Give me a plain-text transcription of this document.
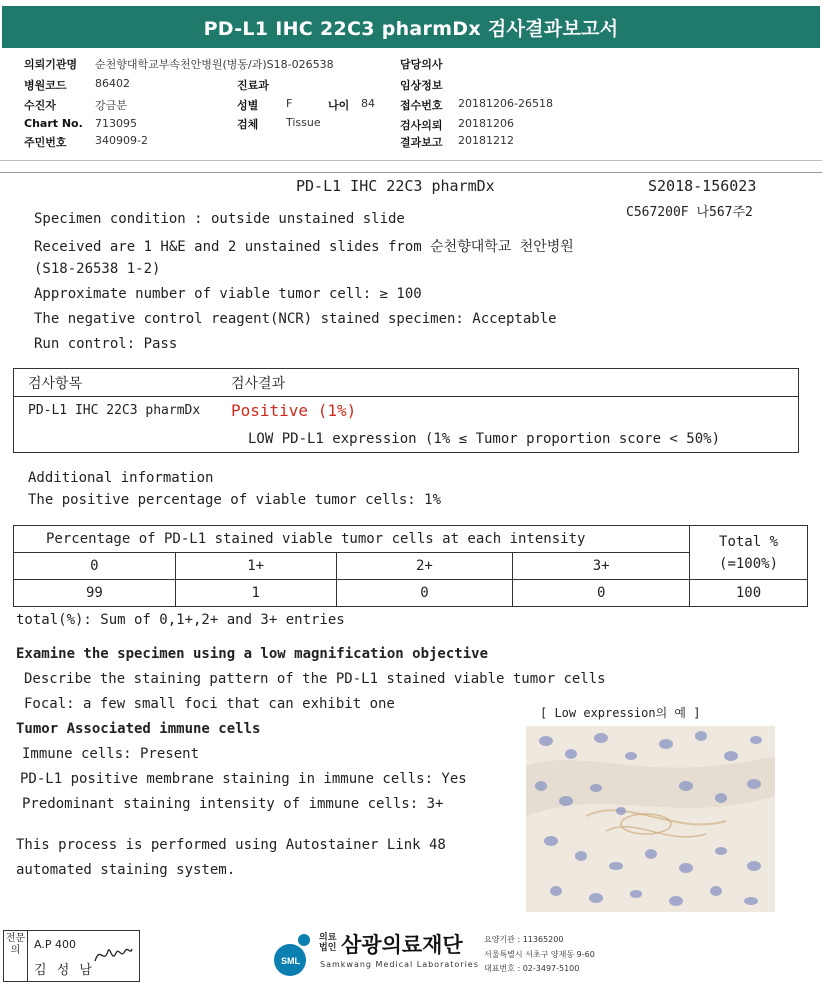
PD-L1 IHC 22C3 pharmDx 검사결과보고서
의뢰기관명 순천향대학교부속천안병원(병동/과)S18-026538	담당의사
병원코드	86402	진료과	임상정보
수진자	강금분	성별	F	나이 84 접수번호 20181206-26518
Chart No. 713095	검체	Tissue	검사의뢰 20181206
주민번호	340909-2	결과보고 20181212
PD-L1 IHC 22C3 pharmDx	S2018-156023
C567200F 나567주2
Specimen condition : outside unstained slide
Received are 1 H&E and 2 unstained slides from 순천향대학교 천안병원
(S18-26538 1-2)
Approximate number of viable tumor cell: ≥ 100
The negative control reagent(NCR) stained specimen: Acceptable
Run control: Pass
검사항목	검사결과
PD-L1 IHC 22C3 pharmDx Positive (1%)
LOW PD-L1 expression (1% ≤ Tumor proportion score < 50%)
Additional information
The positive percentage of viable tumor cells: 1%
Percentage of PD-L1 stained viable tumor cells at each intensity				Total %
(=100%)
0	1+	2+	3+	
99	1	0	0	100
total(%): Sum of 0,1+,2+ and 3+ entries
Examine the specimen using a low magnification objective
Describe the staining pattern of the PD-L1 stained viable tumor cells
Focal: a few small foci that can exhibit one
Tumor Associated immune cells
Immune cells: Present
PD-L1 positive membrane staining in immune cells: Yes
Predominant staining intensity of immune cells: 3+
This process is performed using Autostainer Link 48
automated staining system.
[ Low expression의 예 ]
전문의	A.P 400
김 성 남
SML
의료
법인 삼광의료재단
Samkwang Medical Laboratories
요양기관 : 11365200
서울특별시 서초구 양재동 9-60
대표번호 : 02-3497-5100
